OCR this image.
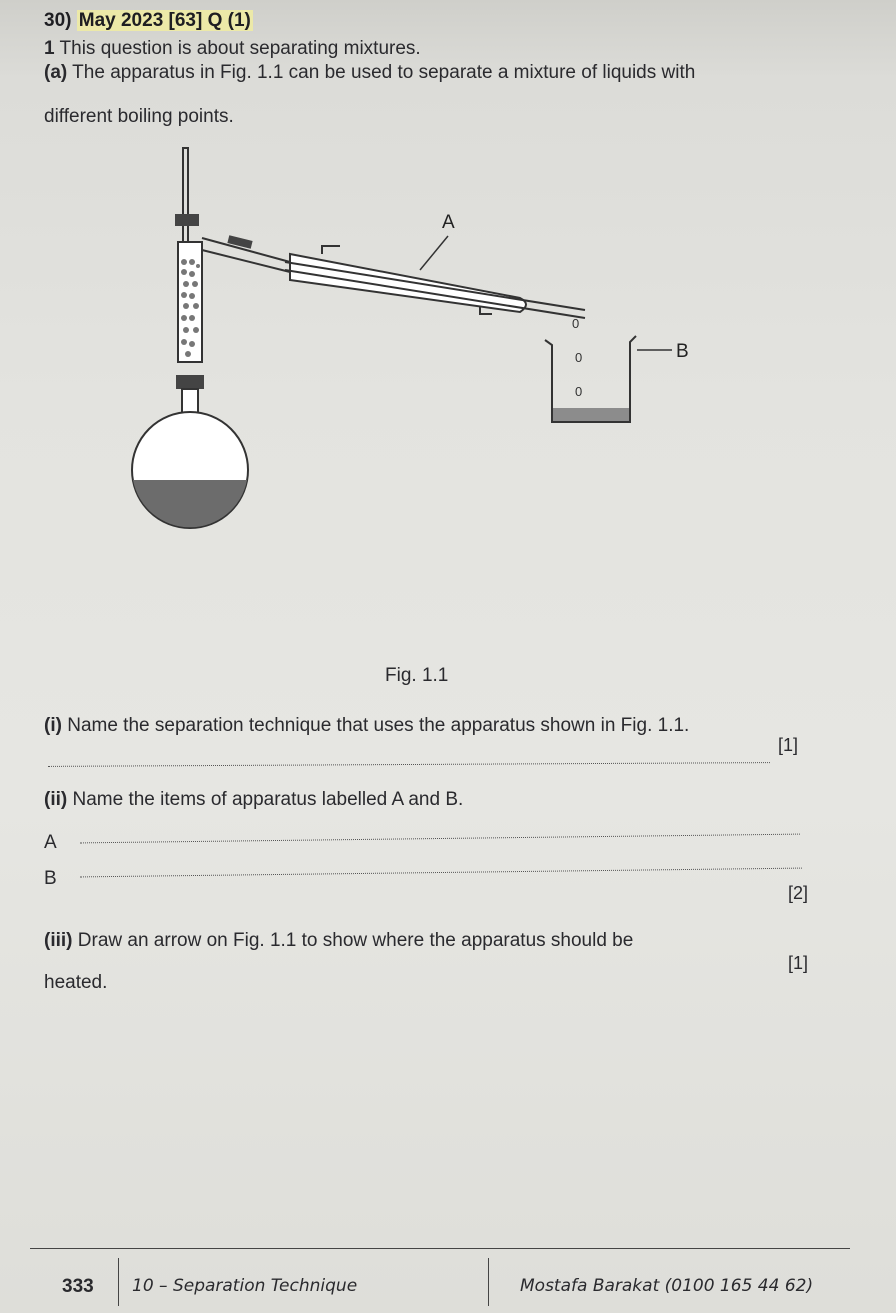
30) May 2023 [63] Q (1)
1 This question is about separating mixtures.
(a) The apparatus in Fig. 1.1 can be used to separate a mixture of liquids with
different boiling points.
A
0
0
0
B
Fig. 1.1
(i) Name the separation technique that uses the apparatus shown in Fig. 1.1.
[1]
(ii) Name the items of apparatus labelled A and B.
A
B
[2]
(iii) Draw an arrow on Fig. 1.1 to show where the apparatus should be
heated.
[1]
333 10 – Separation Technique	Mostafa Barakat (0100 165 44 62)
